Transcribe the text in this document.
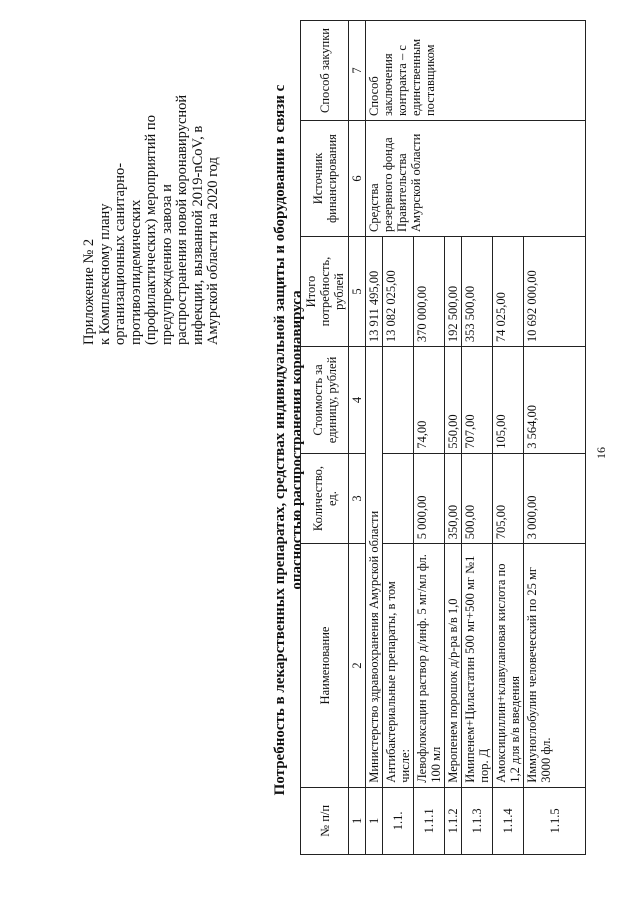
16
Приложение № 2 к Комплексному плану организационных санитарно- противоэпидемических (профилактических) мероприятий по предупреждению завоза и распространения новой коронавирусной инфекции, вызванной 2019-nCoV, в Амурской области на 2020 год	Потребность в лекарственных препаратах, средствах индивидуальной защиты и оборудовании в связи с опасностью распространения коронавируса
№ п/п	Наименование	Количество, ед.	Стоимость за единицу, рублей	Итого потребность, рублей	Источник финансирования	Способ закупки
1	2	3	4	5	6	7
1	Министерство здравоохранения Амурской области			13 911 495,00	Средства резервного фонда Правительства Амурской области	Способ заключения контракта – с единственным поставщиком
1.1.	Антибактериальные препараты, в том числе:			13 082 025,00		
1.1.1	Левофлоксацин раствор д/инф. 5 мг/мл фл. 100 мл	5 000,00	74,00	370 000,00		
1.1.2	Меропенем порошок д/р-ра в/в 1,0	350,00	550,00	192 500,00		
1.1.3	Имипенем+Циластатин 500 мг+500 мг №1 пор. Д	500,00	707,00	353 500,00		
1.1.4	Амоксициллин+клавулановая кислота по 1,2 для в/в введения	705,00	105,00	74 025,00		
1.1.5	Иммуноглобулин человеческий по 25 мг 3000 фл.	3 000,00	3 564,00	10 692 000,00		
